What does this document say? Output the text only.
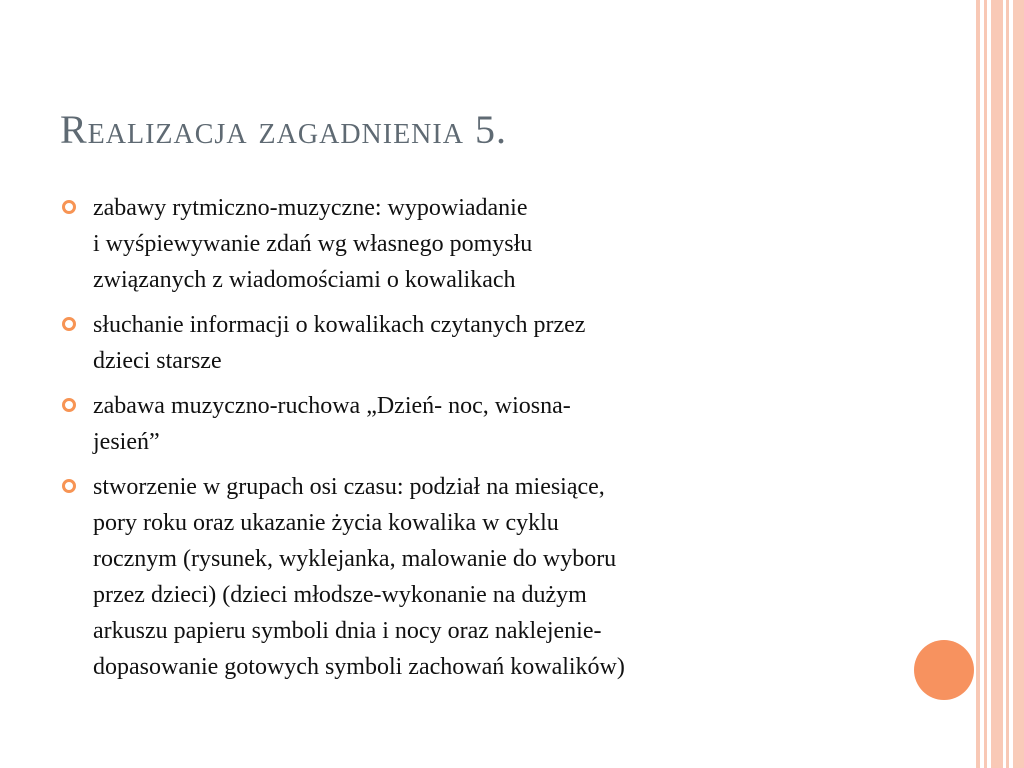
Realizacja zagadnienia 5.
zabawy rytmiczno-muzyczne: wypowiadanie
i wyśpiewywanie zdań wg własnego pomysłu
związanych z wiadomościami o kowalikach
słuchanie informacji o kowalikach czytanych przez
dzieci starsze
zabawa muzyczno-ruchowa „Dzień- noc, wiosna-
jesień”
stworzenie w grupach osi czasu: podział na miesiące,
pory roku oraz ukazanie życia kowalika w cyklu
rocznym (rysunek, wyklejanka, malowanie do wyboru
przez dzieci) (dzieci młodsze-wykonanie na dużym
arkuszu papieru symboli dnia i nocy oraz naklejenie-
dopasowanie gotowych symboli zachowań kowalików)
